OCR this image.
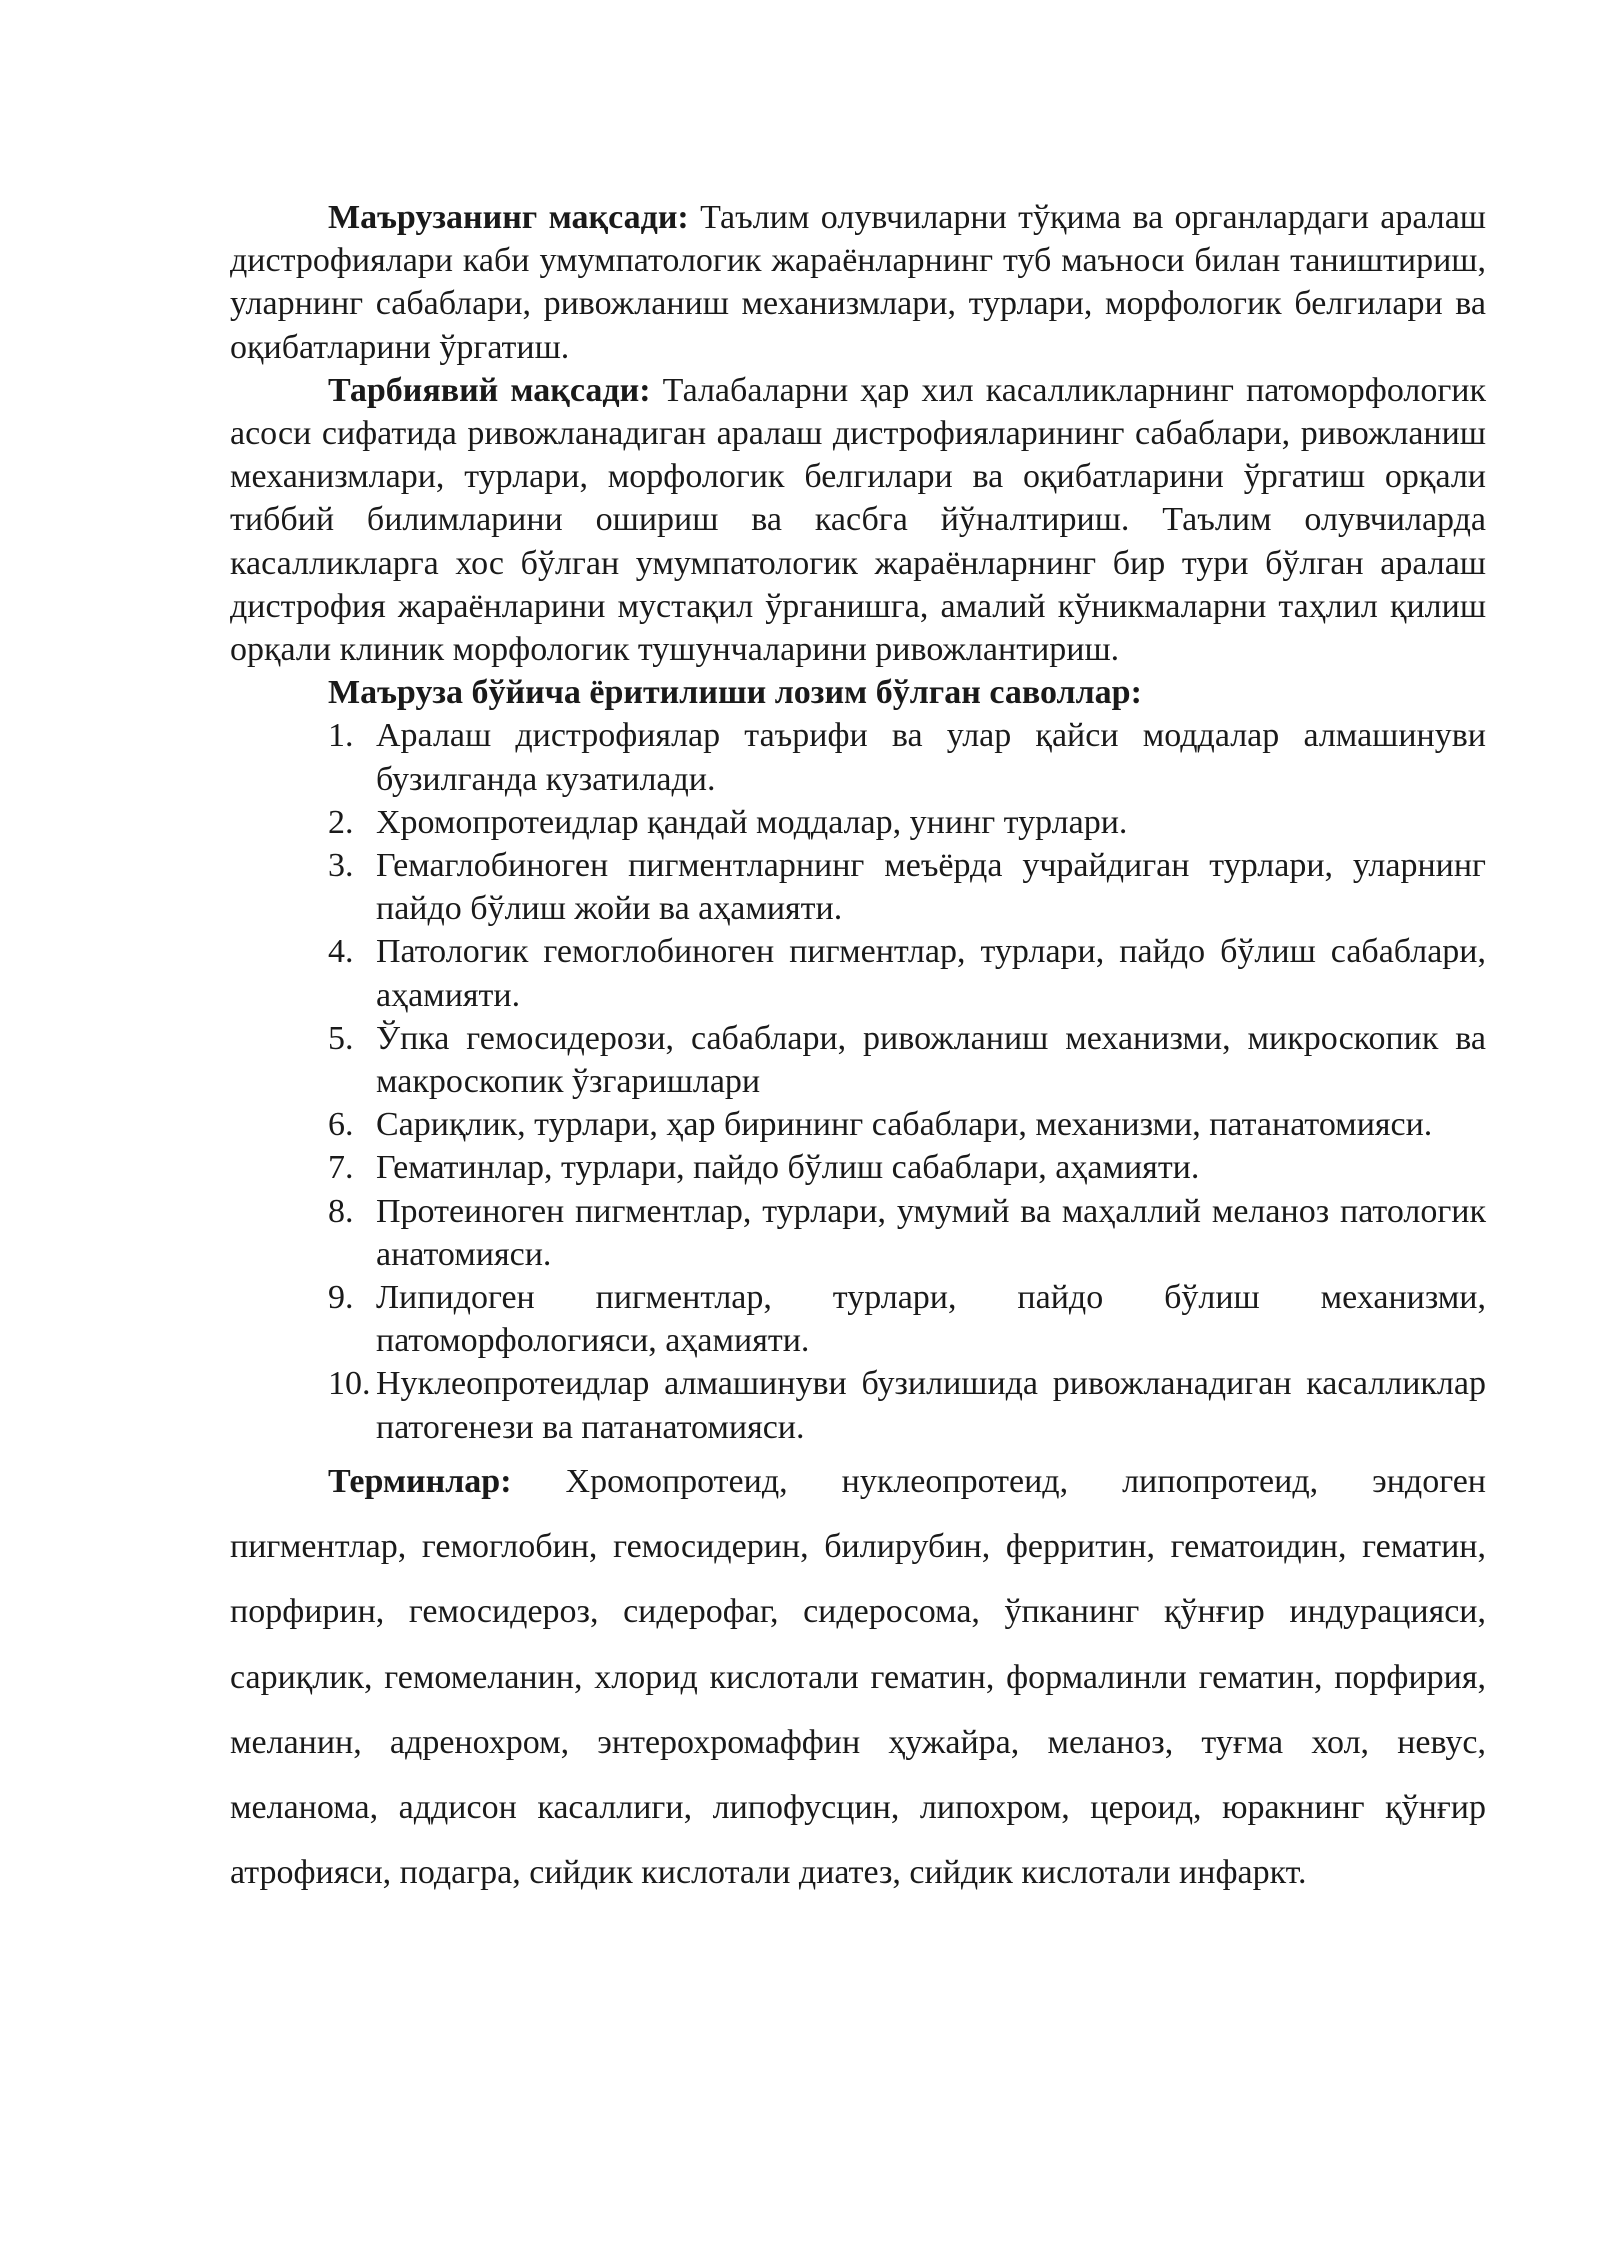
Маърузанинг мақсади: Таълим олувчиларни тўқима ва органлардаги аралаш дистрофиялари каби умумпатологик жараёнларнинг туб маъноси билан таништириш, уларнинг сабаблари, ривожланиш механизмлари, турлари, морфологик белгилари ва оқибатларини ўргатиш.

Тарбиявий мақсади: Талабаларни ҳар хил касалликларнинг патоморфологик асоси сифатида ривожланадиган аралаш дистрофияларининг сабаблари, ривожланиш механизмлари, турлари, морфологик белгилари ва оқибатларини ўргатиш орқали тиббий билимларини ошириш ва касбга йўналтириш. Таълим олувчиларда касалликларга хос бўлган умумпатологик жараёнларнинг бир тури бўлган аралаш дистрофия жараёнларини мустақил ўрганишга, амалий кўникмаларни таҳлил қилиш орқали клиник морфологик тушунчаларини ривожлантириш.

Маъруза бўйича ёритилиши лозим бўлган саволлар:

1. Аралаш дистрофиялар таърифи ва улар қайси моддалар алмашинуви бузилганда кузатилади.
2. Хромопротеидлар қандай моддалар, унинг турлари.
3. Гемаглобиноген пигментларнинг меъёрда учрайдиган турлари, уларнинг пайдо бўлиш жойи ва аҳамияти.
4. Патологик гемоглобиноген пигментлар, турлари, пайдо бўлиш сабаблари, аҳамияти.
5. Ўпка гемосидерози, сабаблари, ривожланиш механизми, микроскопик ва макроскопик ўзгаришлари
6. Сариқлик, турлари, ҳар бирининг сабаблари, механизми, патанатомияси.
7. Гематинлар, турлари, пайдо бўлиш сабаблари, аҳамияти.
8. Протеиноген пигментлар, турлари, умумий ва маҳаллий меланоз патологик анатомияси.
9. Липидоген пигментлар, турлари, пайдо бўлиш механизми, патоморфологияси, аҳамияти.
10. Нуклеопротеидлар алмашинуви бузилишида ривожланадиган касалликлар патогенези ва патанатомияси.

Терминлар: Хромопротеид, нуклеопротеид, липопротеид, эндоген пигментлар, гемоглобин, гемосидерин, билирубин, ферритин, гематоидин, гематин, порфирин, гемосидероз, сидерофаг, сидеросома, ўпканинг қўнғир индурацияси, сариқлик, гемомеланин, хлорид кислотали гематин, формалинли гематин, порфирия, меланин, адренохром, энтерохромаффин ҳужайра, меланоз, туғма хол, невус, меланома, аддисон касаллиги, липофусцин, липохром, цероид, юракнинг қўнғир атрофияси, подагра, сийдик кислотали диатез, сийдик кислотали инфаркт.
